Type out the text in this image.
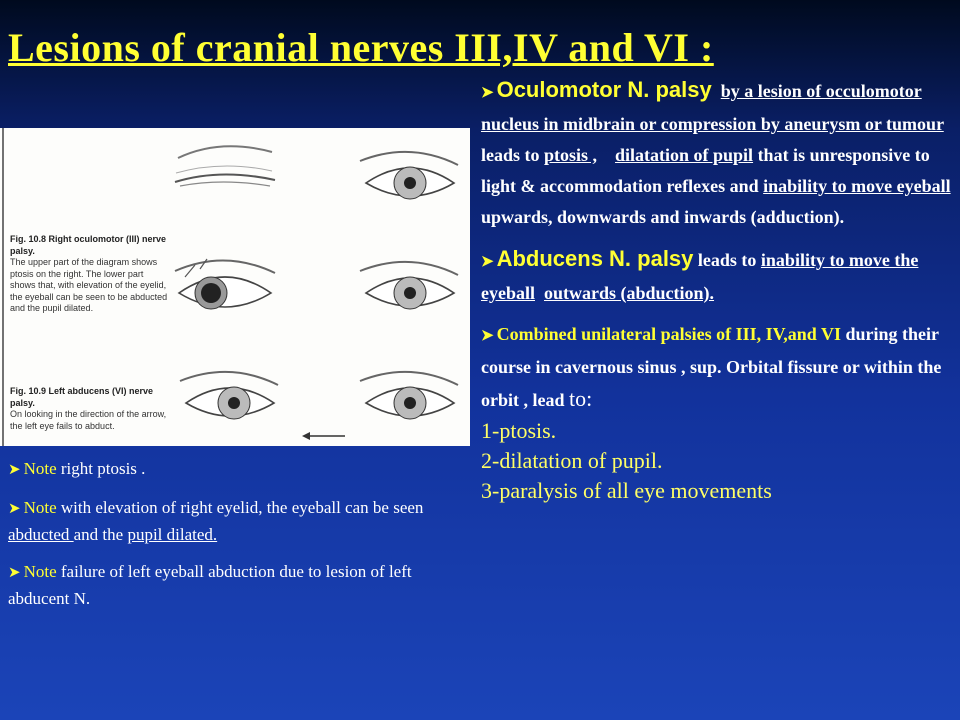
Lesions of cranial nerves III,IV and VI :

Fig. 10.8 Right oculomotor (III) nerve palsy.
The upper part of the diagram shows ptosis on the right. The lower part shows that, with elevation of the eyelid, the eyeball can be seen to be abducted and the pupil dilated.

Fig. 10.9 Left abducens (VI) nerve palsy.
On looking in the direction of the arrow, the left eye fails to abduct.

➤ Note right ptosis .

➤ Note with elevation of right eyelid, the eyeball can be seen abducted and the pupil dilated.

➤ Note failure of left eyeball abduction due to lesion of left abducent N.

➤ Oculomotor N. palsy by a lesion of occulomotor nucleus in midbrain or compression by aneurysm or tumour leads to ptosis , dilatation of pupil that is unresponsive to light & accommodation reflexes and inability to move eyeball upwards, downwards and inwards (adduction).

➤ Abducens N. palsy leads to inability to move the eyeball outwards (abduction).

➤ Combined unilateral palsies of III, IV,and VI during their course in cavernous sinus , sup. Orbital fissure or within the orbit , lead to:

1-ptosis.
2-dilatation of pupil.
3-paralysis of all eye movements
